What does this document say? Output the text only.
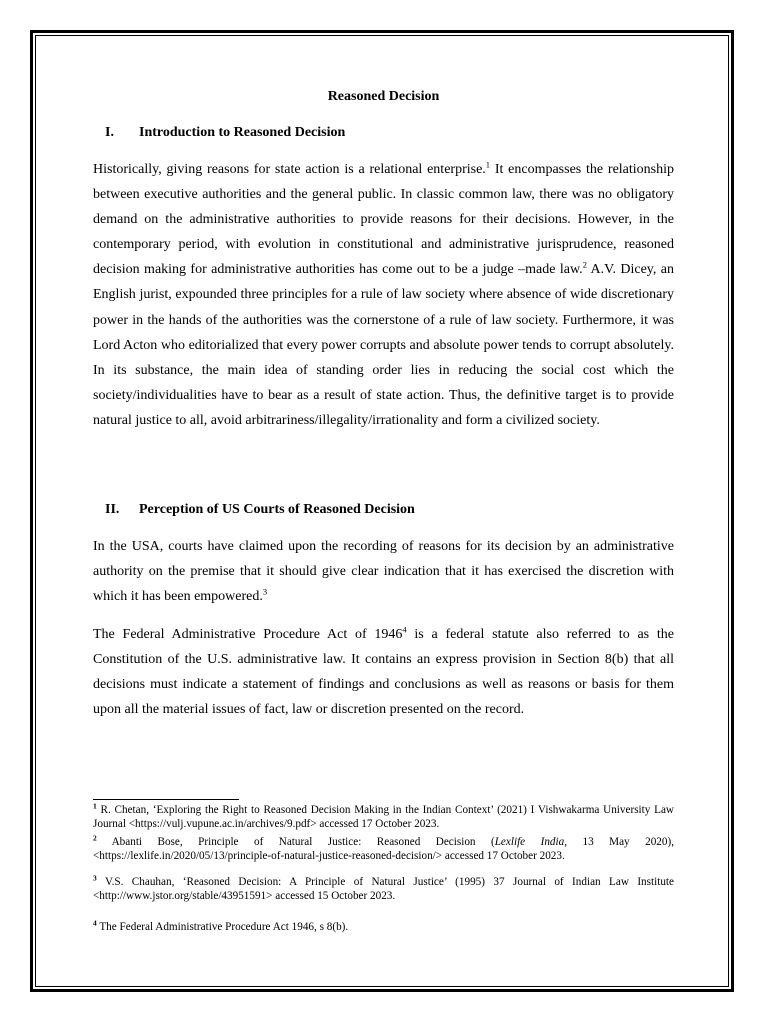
Reasoned Decision
I. Introduction to Reasoned Decision

Historically, giving reasons for state action is a relational enterprise.$^1$ It encompasses the relationship between executive authorities and the general public. In classic common law, there was no obligatory demand on the administrative authorities to provide reasons for their decisions. However, in the contemporary period, with evolution in constitutional and administrative jurisprudence, reasoned decision making for administrative authorities has come out to be a judge –made law.$^2$ A.V. Dicey, an English jurist, expounded three principles for a rule of law society where absence of wide discretionary power in the hands of the authorities was the cornerstone of a rule of law society. Furthermore, it was Lord Acton who editorialized that every power corrupts and absolute power tends to corrupt absolutely. In its substance, the main idea of standing order lies in reducing the social cost which the society/individualities have to bear as a result of state action. Thus, the definitive target is to provide natural justice to all, avoid arbitrariness/illegality/irrationality and form a civilized society.

II. Perception of US Courts of Reasoned Decision

In the USA, courts have claimed upon the recording of reasons for its decision by an administrative authority on the premise that it should give clear indication that it has exercised the discretion with which it has been empowered.$^3$

The Federal Administrative Procedure Act of 1946$^4$ is a federal statute also referred to as the Constitution of the U.S. administrative law. It contains an express provision in Section 8(b) that all decisions must indicate a statement of findings and conclusions as well as reasons or basis for them upon all the material issues of fact, law or discretion presented on the record.

$^1$ R. Chetan, ‘Exploring the Right to Reasoned Decision Making in the Indian Context’ (2021) I Vishwakarma University Law Journal <https://vulj.vupune.ac.in/archives/9.pdf> accessed 17 October 2023.

$^2$ Abanti Bose, Principle of Natural Justice: Reasoned Decision (Lexlife India, 13 May 2020), <https://lexlife.in/2020/05/13/principle-of-natural-justice-reasoned-decision/> accessed 17 October 2023.

$^3$ V.S. Chauhan, ‘Reasoned Decision: A Principle of Natural Justice’ (1995) 37 Journal of Indian Law Institute <http://www.jstor.org/stable/43951591> accessed 15 October 2023.

$^4$ The Federal Administrative Procedure Act 1946, s 8(b).
